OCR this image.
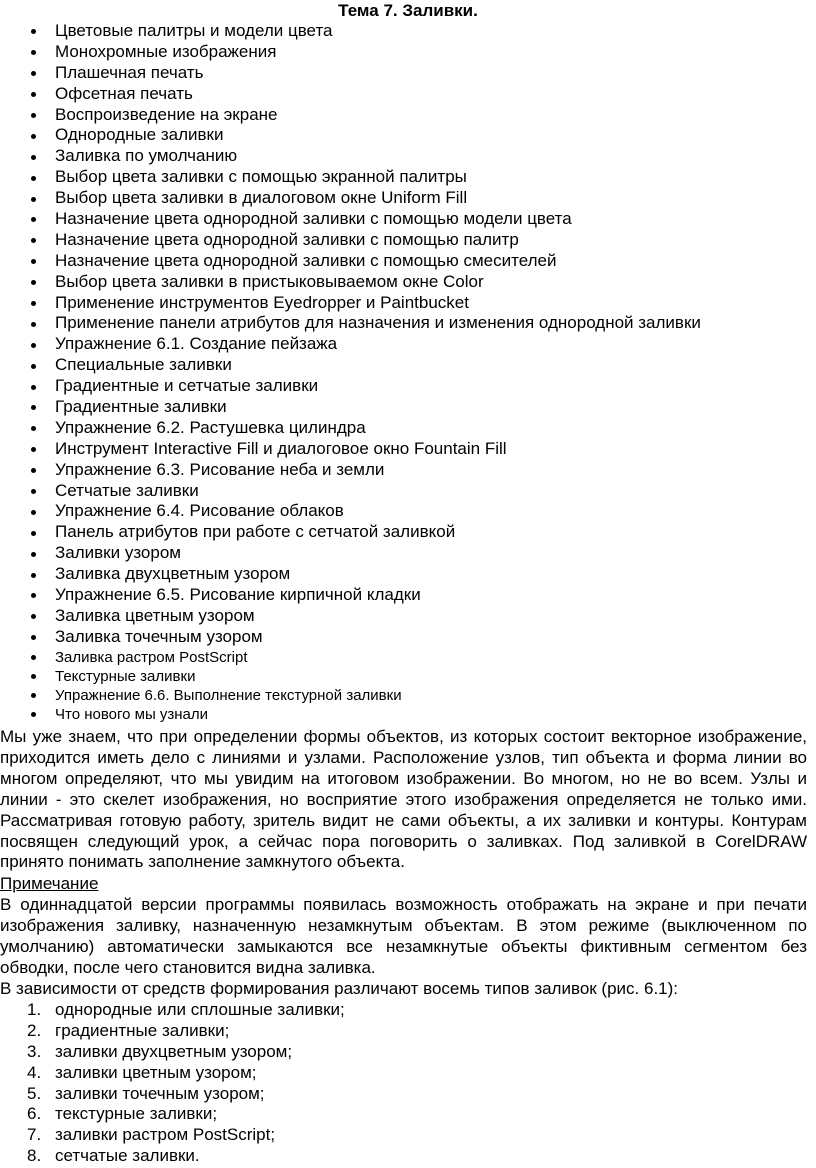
Тема 7. Заливки.
Цветовые палитры и модели цвета
Монохромные изображения
Плашечная печать
Офсетная печать
Воспроизведение на экране
Однородные заливки
Заливка по умолчанию
Выбор цвета заливки с помощью экранной палитры
Выбор цвета заливки в диалоговом окне Uniform Fill
Назначение цвета однородной заливки с помощью модели цвета
Назначение цвета однородной заливки с помощью палитр
Назначение цвета однородной заливки с помощью смесителей
Выбор цвета заливки в пристыковываемом окне Color
Применение инструментов Eyedropper и Paintbucket
Применение панели атрибутов для назначения и изменения однородной заливки
Упражнение 6.1. Создание пейзажа
Специальные заливки
Градиентные и сетчатые заливки
Градиентные заливки
Упражнение 6.2. Растушевка цилиндра
Инструмент Interactive Fill и диалоговое окно Fountain Fill
Упражнение 6.3. Рисование неба и земли
Сетчатые заливки
Упражнение 6.4. Рисование облаков
Панель атрибутов при работе с сетчатой заливкой
Заливки узором
Заливка двухцветным узором
Упражнение 6.5. Рисование кирпичной кладки
Заливка цветным узором
Заливка точечным узором
Заливка растром PostScript
Текстурные заливки
Упражнение 6.6. Выполнение текстурной заливки
Что нового мы узнали

Мы уже знаем, что при определении формы объектов, из которых состоит векторное изображение, приходится иметь дело с линиями и узлами. Расположение узлов, тип объекта и форма линии во многом определяют, что мы увидим на итоговом изображении. Во многом, но не во всем. Узлы и линии - это скелет изображения, но восприятие этого изображения определяется не только ими. Рассматривая готовую работу, зритель видит не сами объекты, а их заливки и контуры. Контурам посвящен следующий урок, а сейчас пора поговорить о заливках. Под заливкой в CorelDRAW принято понимать заполнение замкнутого объекта.

Примечание

В одиннадцатой версии программы появилась возможность отображать на экране и при печати изображения заливку, назначенную незамкнутым объектам. В этом режиме (выключенном по умолчанию) автоматически замыкаются все незамкнутые объекты фиктивным сегментом без обводки, после чего становится видна заливка.

В зависимости от средств формирования различают восемь типов заливок (рис. 6.1):

1. однородные или сплошные заливки;
2. градиентные заливки;
3. заливки двухцветным узором;
4. заливки цветным узором;
5. заливки точечным узором;
6. текстурные заливки;
7. заливки растром PostScript;
8. сетчатые заливки.
